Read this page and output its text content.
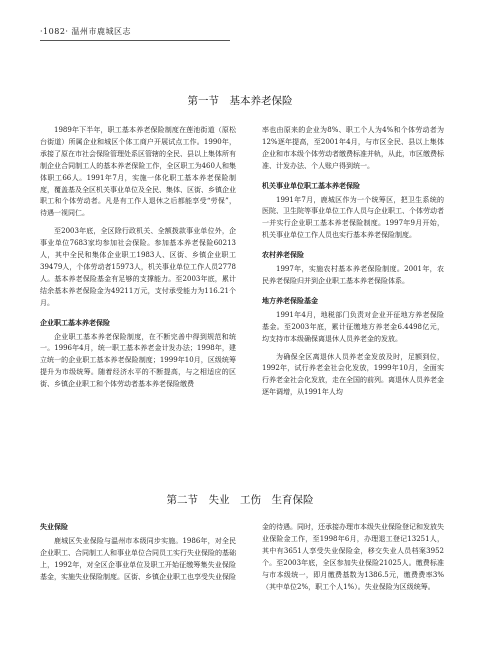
·1082· 温州市鹿城区志
第一节　基本养老保险

1989年下半年，职工基本养老保险制度在莲池街道（原松台街道）所属企业和城区个体工商户开展试点工作。1990年，承接了原在市社会保险管理处系区管辖的全民、县以上集体所有制企业合同制工人的基本养老保险工作，全区职工为460人和集体职工66人。1991年7月，实施一体化职工基本养老保险制度，覆盖基及全区机关事业单位及全民、集体、区街、乡镇企业职工和个体劳动者。凡是有工作人退休之后都能享受“劳保”，待遇一视同仁。

至2003年底，全区除行政机关、全额拨款事业单位外，企事业单位7683家均参加社会保险。参加基本养老保险60213人，其中全民和集体企业职工1983人、区街、乡镇企业职工39479人，个体劳动者15973人，机关事业单位工作人员2778人。基本养老保险基金有足够的支撑能力。至2003年底，累计结余基本养老保险金为49211万元，支付承受能力为116.21个月。

企业职工基本养老保险

企业职工基本养老保险制度，在不断完善中得到规范和统一。1996年4月，统一职工基本养老金计发办法；1998年，建立统一的企业职工基本养老保险制度；1999年10月，区级统筹提升为市级统筹。随着经济水平的不断提高，与之相适应的区街、乡镇企业职工和个体劳动者基本养老保险缴费

率也由原来的企业为8%、职工个人为4%和个体劳动者为12%逐年提高，至2001年4月，与市区全民、县以上集体企业和市本级个体劳动者缴费标准并轨，从此，市区缴费标准、计发办法、个人账户得到统一。

机关事业单位职工基本养老保险

1991年7月，鹿城区作为一个统筹区，把卫生系统的医院、卫生院等事业单位工作人员与企业职工、个体劳动者一并实行企业职工基本养老保险制度。1997年9月开始，机关事业单位工作人员也实行基本养老保险制度。

农村养老保险

1997年，实施农村基本养老保险制度。2001年，农民养老保险归并到企业职工基本养老保险体系。

地方养老保险基金

1991年4月，地税部门负责对企业开征地方养老保险基金。至2003年底，累计征缴地方养老金6.4498亿元，均支持市本级确保离退休人员养老金的发放。

为确保全区离退休人员养老金发放及时，足额到位，1992年，试行养老金社会化发放，1999年10月，全面实行养老金社会化发放，走在全国的前列。离退休人员养老金逐年调增，从1991年人均

第二节　失业　工伤　生育保险
失业保险

鹿城区失业保险与温州市本级同步实施。1986年，对全民企业职工、合同制工人和事业单位合同员工实行失业保险的基础上，1992年，对全区企事业单位及职工开始征缴筹集失业保险基金，实施失业保险制度。区街、乡镇企业职工也享受失业保险

金的待遇。同时，还承接办理市本级失业保险登记和发放失业保险金工作，至1998年6月，办理退工登记13251人，其中有3651人享受失业保险金，移交失业人员档案3952个。至2003年底，全区参加失业保险21025人。缴费标准与市本级统一，即月缴费基数为1386.5元，缴费费率3%（其中单位2%，职工个人1%）。失业保险为区级统筹。
